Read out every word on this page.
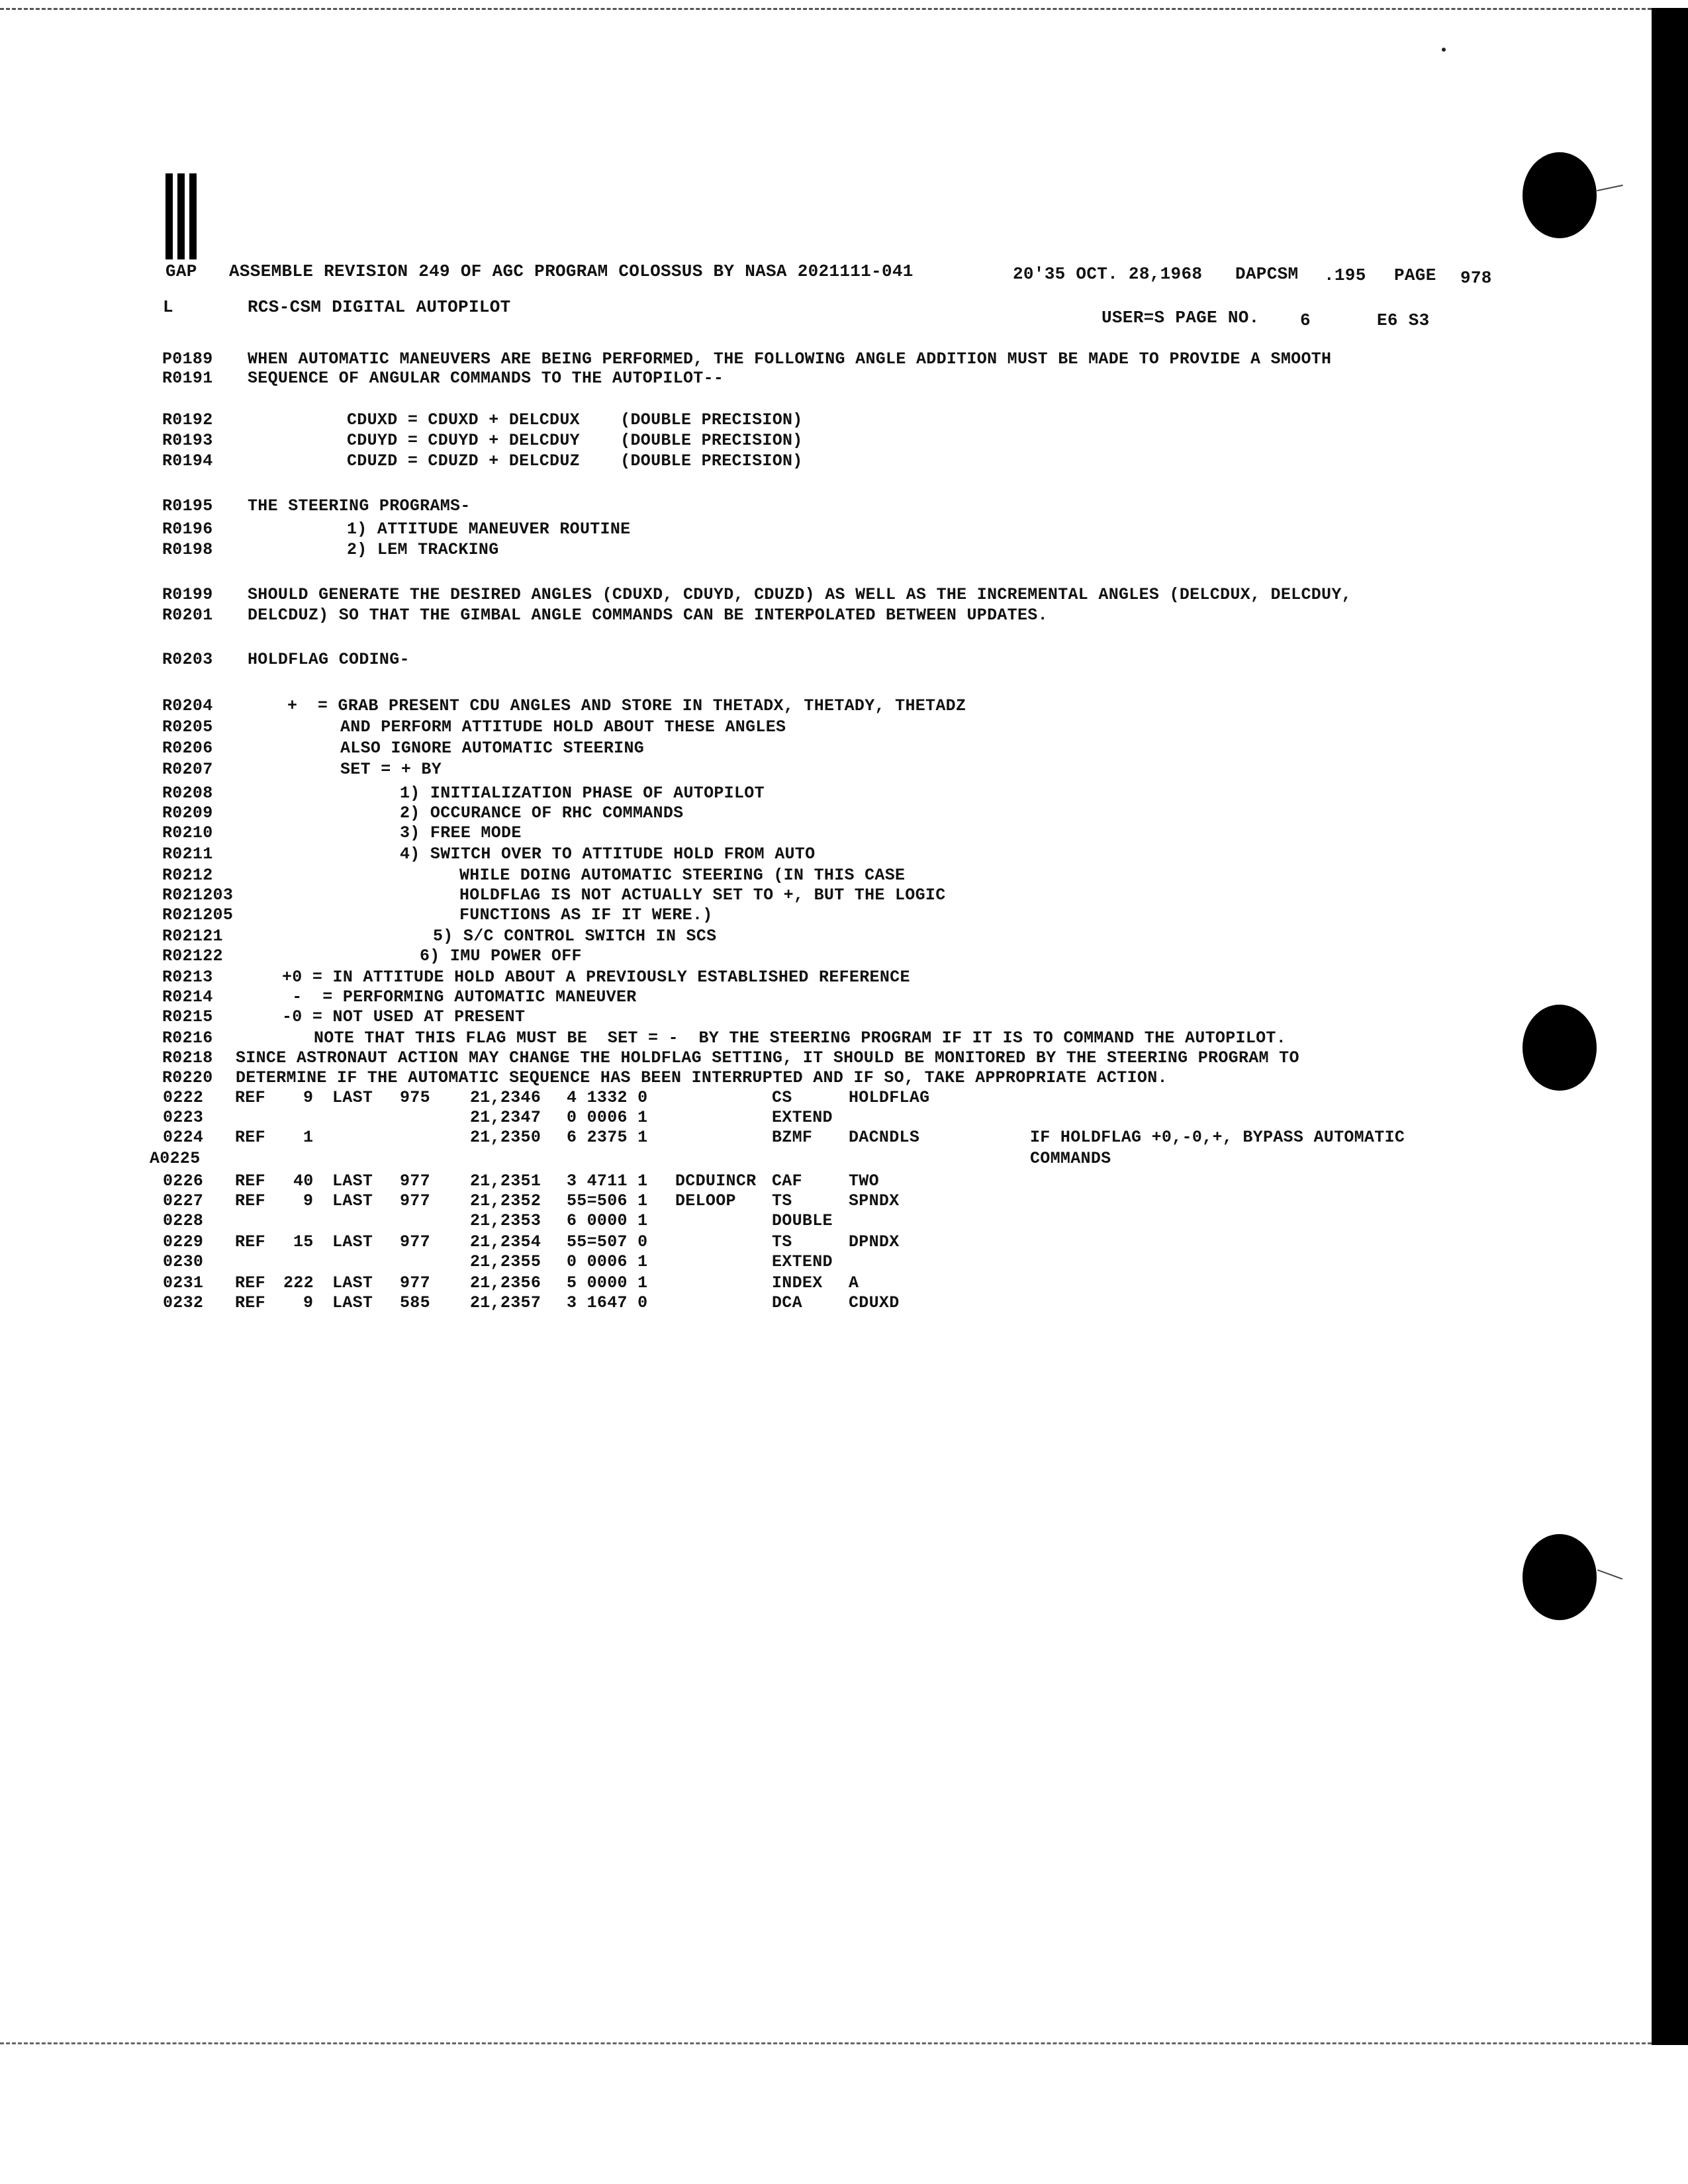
GAP ASSEMBLE REVISION 249 OF AGC PROGRAM COLOSSUS BY NASA 2021111-041	20'35 OCT. 28,1968 DAPCSM .195 PAGE 978
L	RCS-CSM DIGITAL AUTOPILOT
USER=S PAGE NO. 6	E6 S3
P0189 WHEN AUTOMATIC MANEUVERS ARE BEING PERFORMED, THE FOLLOWING ANGLE ADDITION MUST BE MADE TO PROVIDE A SMOOTH
R0191 SEQUENCE OF ANGULAR COMMANDS TO THE AUTOPILOT--
R0192	CDUXD = CDUXD + DELCDUX    (DOUBLE PRECISION)
R0193	CDUYD = CDUYD + DELCDUY    (DOUBLE PRECISION)
R0194	CDUZD = CDUZD + DELCDUZ    (DOUBLE PRECISION)
R0195 THE STEERING PROGRAMS-
R0196	1) ATTITUDE MANEUVER ROUTINE
R0198	2) LEM TRACKING
R0199 SHOULD GENERATE THE DESIRED ANGLES (CDUXD, CDUYD, CDUZD) AS WELL AS THE INCREMENTAL ANGLES (DELCDUX, DELCDUY,
R0201 DELCDUZ) SO THAT THE GIMBAL ANGLE COMMANDS CAN BE INTERPOLATED BETWEEN UPDATES.
R0203 HOLDFLAG CODING-
R0204	+  = GRAB PRESENT CDU ANGLES AND STORE IN THETADX, THETADY, THETADZ
R0205	AND PERFORM ATTITUDE HOLD ABOUT THESE ANGLES
R0206	ALSO IGNORE AUTOMATIC STEERING
R0207	SET = + BY
R0208	1) INITIALIZATION PHASE OF AUTOPILOT
R0209	2) OCCURANCE OF RHC COMMANDS
R0210	3) FREE MODE
R0211	4) SWITCH OVER TO ATTITUDE HOLD FROM AUTO
R0212	WHILE DOING AUTOMATIC STEERING (IN THIS CASE
R021203	HOLDFLAG IS NOT ACTUALLY SET TO +, BUT THE LOGIC
R021205	FUNCTIONS AS IF IT WERE.)
R02121	5) S/C CONTROL SWITCH IN SCS
R02122	6) IMU POWER OFF
R0213	+0 = IN ATTITUDE HOLD ABOUT A PREVIOUSLY ESTABLISHED REFERENCE
R0214	-  = PERFORMING AUTOMATIC MANEUVER
R0215	-0 = NOT USED AT PRESENT
R0216	NOTE THAT THIS FLAG MUST BE  SET = -  BY THE STEERING PROGRAM IF IT IS TO COMMAND THE AUTOPILOT.
R0218 SINCE ASTRONAUT ACTION MAY CHANGE THE HOLDFLAG SETTING, IT SHOULD BE MONITORED BY THE STEERING PROGRAM TO
R0220 DETERMINE IF THE AUTOMATIC SEQUENCE HAS BEEN INTERRUPTED AND IF SO, TAKE APPROPRIATE ACTION.
0222 REF 9 LAST 975 21,2346 4 1332 0	CS	HOLDFLAG
0223	21,2347 0 0006 1	EXTEND
0224 REF 1	21,2350 6 2375 1	BZMF DACNDLS	IF HOLDFLAG +0,-0,+, BYPASS AUTOMATIC
A0225	COMMANDS
0226 REF 40 LAST 977 21,2351 3 4711 1 DCDUINCR CAF	TWO
0227 REF 9 LAST 977 21,2352 55=506 1 DELOOP TS	SPNDX
0228	21,2353 6 0000 1	DOUBLE
0229 REF 15 LAST 977 21,2354 55=507 0	TS	DPNDX
0230	21,2355 0 0006 1	EXTEND
0231 REF 222 LAST 977 21,2356 5 0000 1	INDEX A
0232 REF 9 LAST 585 21,2357 3 1647 0	DCA	CDUXD
